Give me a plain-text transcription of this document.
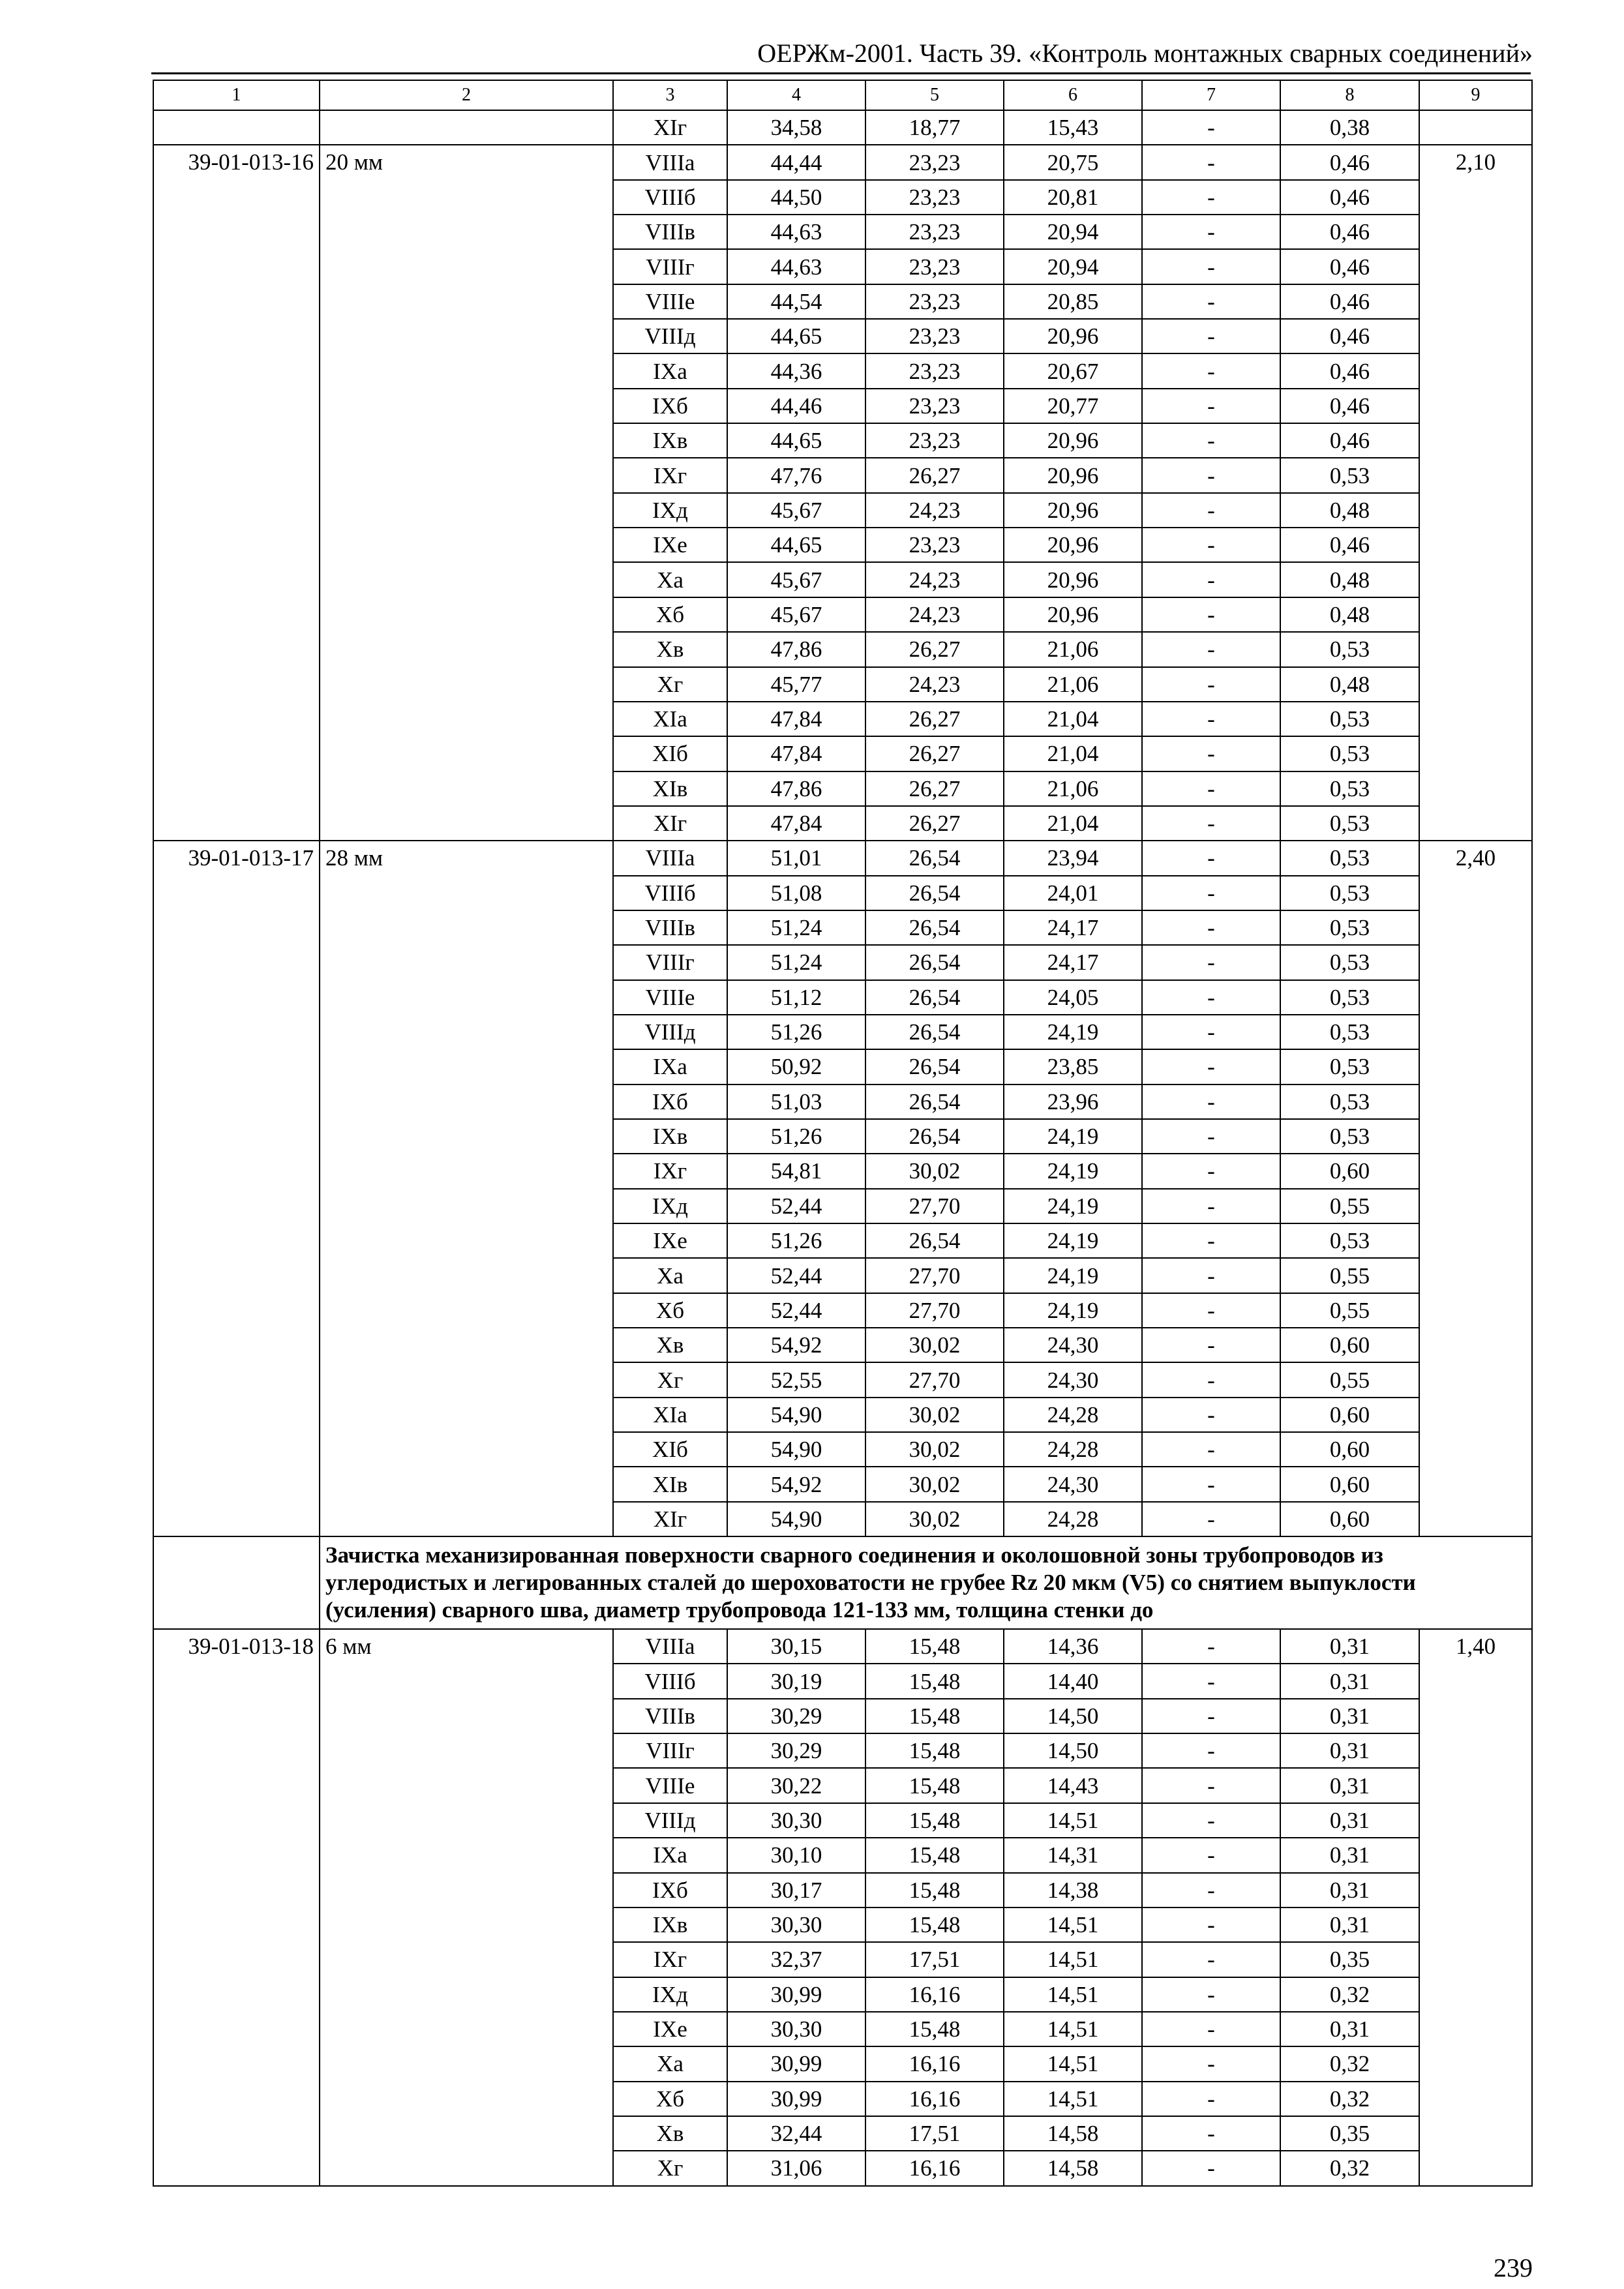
ОЕРЖм-2001. Часть 39. «Контроль монтажных сварных соединений»
1	2	3	4	5	6	7	8	9
		XIг	34,58	18,77	15,43	-	0,38	
39-01-013-16	20 мм	VIIIа	44,44	23,23	20,75	-	0,46	2,10
		VIIIб	44,50	23,23	20,81	-	0,46	
		VIIIв	44,63	23,23	20,94	-	0,46	
		VIIIг	44,63	23,23	20,94	-	0,46	
		VIIIе	44,54	23,23	20,85	-	0,46	
		VIIIд	44,65	23,23	20,96	-	0,46	
		IXа	44,36	23,23	20,67	-	0,46	
		IXб	44,46	23,23	20,77	-	0,46	
		IXв	44,65	23,23	20,96	-	0,46	
		IXг	47,76	26,27	20,96	-	0,53	
		IXд	45,67	24,23	20,96	-	0,48	
		IXе	44,65	23,23	20,96	-	0,46	
		Xа	45,67	24,23	20,96	-	0,48	
		Xб	45,67	24,23	20,96	-	0,48	
		Xв	47,86	26,27	21,06	-	0,53	
		Xг	45,77	24,23	21,06	-	0,48	
		XIа	47,84	26,27	21,04	-	0,53	
		XIб	47,84	26,27	21,04	-	0,53	
		XIв	47,86	26,27	21,06	-	0,53	
		XIг	47,84	26,27	21,04	-	0,53	
39-01-013-17	28 мм	VIIIа	51,01	26,54	23,94	-	0,53	2,40
		VIIIб	51,08	26,54	24,01	-	0,53	
		VIIIв	51,24	26,54	24,17	-	0,53	
		VIIIг	51,24	26,54	24,17	-	0,53	
		VIIIе	51,12	26,54	24,05	-	0,53	
		VIIIд	51,26	26,54	24,19	-	0,53	
		IXа	50,92	26,54	23,85	-	0,53	
		IXб	51,03	26,54	23,96	-	0,53	
		IXв	51,26	26,54	24,19	-	0,53	
		IXг	54,81	30,02	24,19	-	0,60	
		IXд	52,44	27,70	24,19	-	0,55	
		IXе	51,26	26,54	24,19	-	0,53	
		Xа	52,44	27,70	24,19	-	0,55	
		Xб	52,44	27,70	24,19	-	0,55	
		Xв	54,92	30,02	24,30	-	0,60	
		Xг	52,55	27,70	24,30	-	0,55	
		XIа	54,90	30,02	24,28	-	0,60	
		XIб	54,90	30,02	24,28	-	0,60	
		XIв	54,92	30,02	24,30	-	0,60	
		XIг	54,90	30,02	24,28	-	0,60	
	Зачистка механизированная поверхности сварного соединения и околошовной зоны трубопроводов из углеродистых и легированных сталей до шероховатости не грубее Rz 20 мкм (V5) со снятием выпуклости (усиления) сварного шва, диаметр трубопровода 121-133 мм, толщина стенки до							
39-01-013-18	6 мм	VIIIа	30,15	15,48	14,36	-	0,31	1,40
		VIIIб	30,19	15,48	14,40	-	0,31	
		VIIIв	30,29	15,48	14,50	-	0,31	
		VIIIг	30,29	15,48	14,50	-	0,31	
		VIIIе	30,22	15,48	14,43	-	0,31	
		VIIIд	30,30	15,48	14,51	-	0,31	
		IXа	30,10	15,48	14,31	-	0,31	
		IXб	30,17	15,48	14,38	-	0,31	
		IXв	30,30	15,48	14,51	-	0,31	
		IXг	32,37	17,51	14,51	-	0,35	
		IXд	30,99	16,16	14,51	-	0,32	
		IXе	30,30	15,48	14,51	-	0,31	
		Xа	30,99	16,16	14,51	-	0,32	
		Xб	30,99	16,16	14,51	-	0,32	
		Xв	32,44	17,51	14,58	-	0,35	
		Xг	31,06	16,16	14,58	-	0,32	
239
